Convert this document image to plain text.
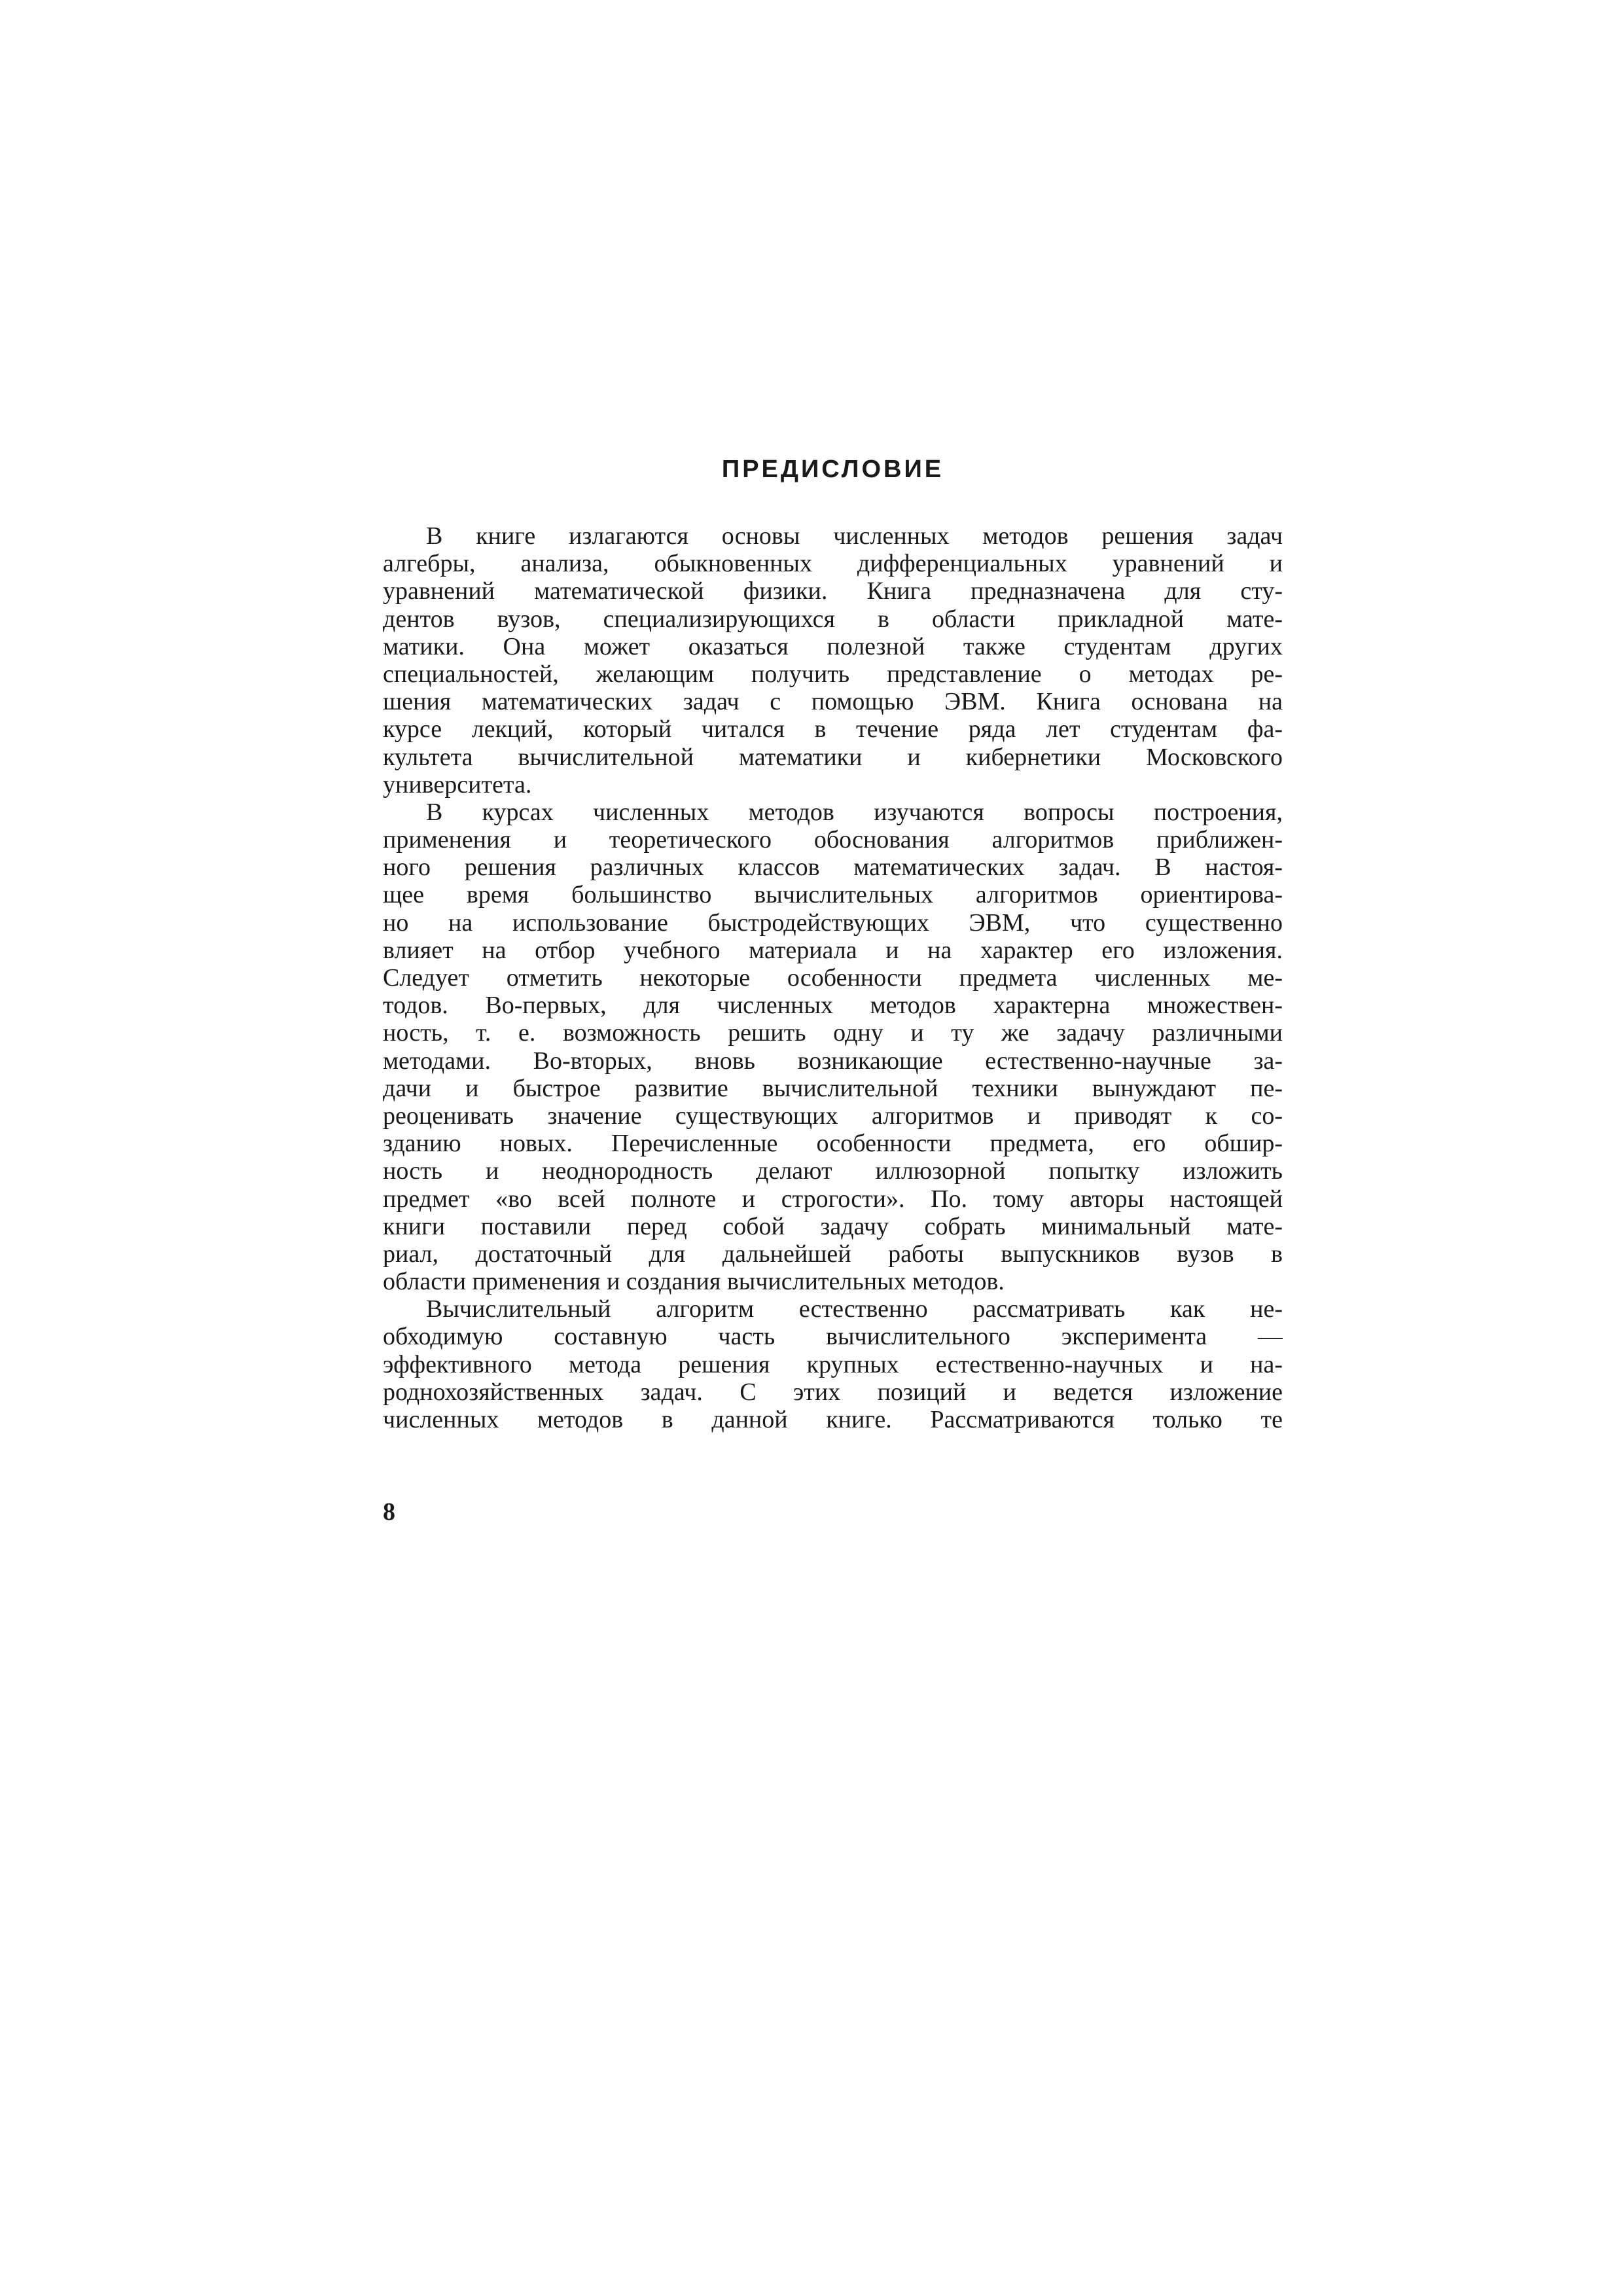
ПРЕДИСЛОВИЕ

В книге излагаются основы численных методов решения задач
алгебры, анализа, обыкновенных дифференциальных уравнений и
уравнений математической физики. Книга предназначена для сту-
дентов вузов, специализирующихся в области прикладной мате-
матики. Она может оказаться полезной также студентам других
специальностей, желающим получить представление о методах ре-
шения математических задач с помощью ЭВМ. Книга основана на
курсе лекций, который читался в течение ряда лет студентам фа-
культета вычислительной математики и кибернетики Московского
университета.

В курсах численных методов изучаются вопросы построения,
применения и теоретического обоснования алгоритмов приближен-
ного решения различных классов математических задач. В настоя-
щее время большинство вычислительных алгоритмов ориентирова-
но на использование быстродействующих ЭВМ, что существенно
влияет на отбор учебного материала и на характер его изложения.
Следует отметить некоторые особенности предмета численных ме-
тодов. Во-первых, для численных методов характерна множествен-
ность, т. е. возможность решить одну и ту же задачу различными
методами. Во-вторых, вновь возникающие естественно-научные за-
дачи и быстрое развитие вычислительной техники вынуждают пе-
реоценивать значение существующих алгоритмов и приводят к со-
зданию новых. Перечисленные особенности предмета, его обшир-
ность и неоднородность делают иллюзорной попытку изложить
предмет «во всей полноте и строгости». По. тому авторы настоящей
книги поставили перед собой задачу собрать минимальный мате-
риал, достаточный для дальнейшей работы выпускников вузов в
области применения и создания вычислительных методов.

Вычислительный алгоритм естественно рассматривать как не-
обходимую составную часть вычислительного эксперимента —
эффективного метода решения крупных естественно-научных и на-
роднохозяйственных задач. С этих позиций и ведется изложение
численных методов в данной книге. Рассматриваются только те

8
